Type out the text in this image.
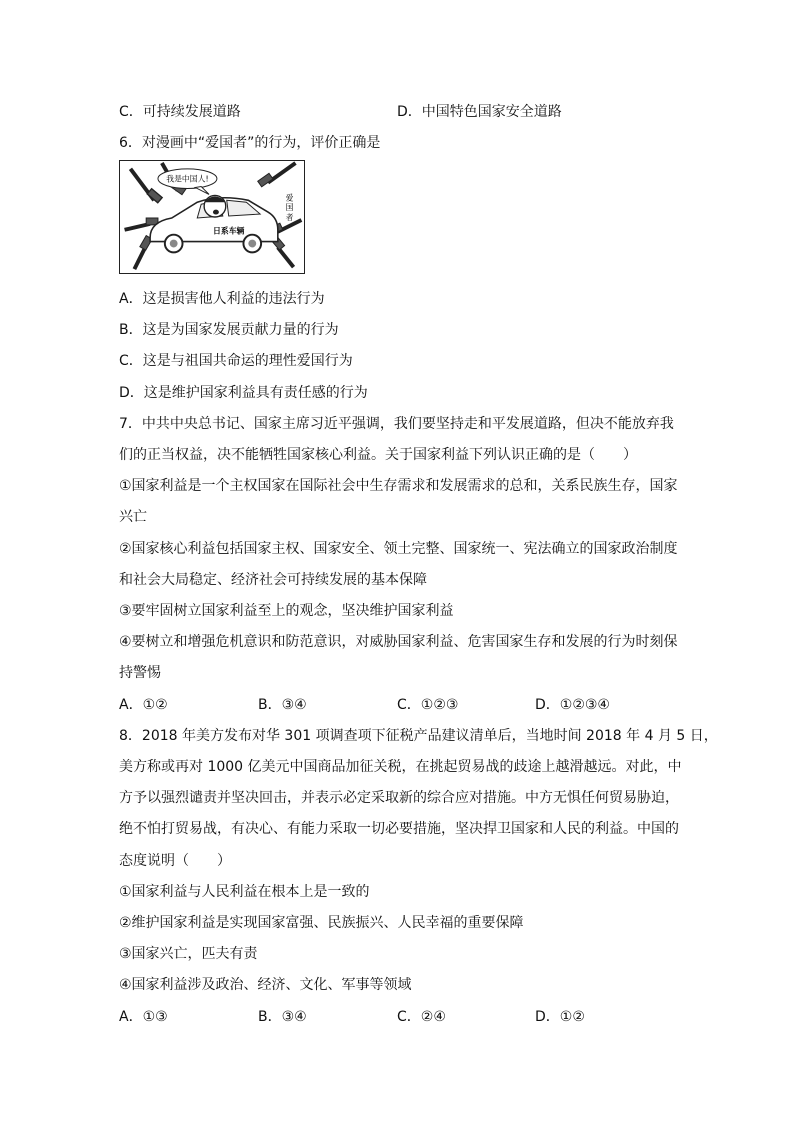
C．可持续发展道路	D．中国特色国家安全道路
6．对漫画中“爱国者”的行为，评价正确是
我是中国人!
日系车辆
爱
国
者
A．这是损害他人利益的违法行为
B．这是为国家发展贡献力量的行为
C．这是与祖国共命运的理性爱国行为
D．这是维护国家利益具有责任感的行为
7．中共中央总书记、国家主席习近平强调，我们要坚持走和平发展道路，但决不能放弃我
们的正当权益，决不能牺牲国家核心利益。关于国家利益下列认识正确的是（　　）
①国家利益是一个主权国家在国际社会中生存需求和发展需求的总和，关系民族生存，国家
兴亡
②国家核心利益包括国家主权、国家安全、领土完整、国家统一、宪法确立的国家政治制度
和社会大局稳定、经济社会可持续发展的基本保障
③要牢固树立国家利益至上的观念，坚决维护国家利益
④要树立和增强危机意识和防范意识，对威胁国家利益、危害国家生存和发展的行为时刻保
持警惕
A．①②	B．③④	C．①②③	D．①②③④
8．2018 年美方发布对华 301 项调查项下征税产品建议清单后，当地时间 2018 年 4 月 5 日，
美方称或再对 1000 亿美元中国商品加征关税，在挑起贸易战的歧途上越滑越远。对此，中
方予以强烈谴责并坚决回击，并表示必定采取新的综合应对措施。中方无惧任何贸易胁迫，
绝不怕打贸易战，有决心、有能力采取一切必要措施，坚决捍卫国家和人民的利益。中国的
态度说明（　　）
①国家利益与人民利益在根本上是一致的
②维护国家利益是实现国家富强、民族振兴、人民幸福的重要保障
③国家兴亡，匹夫有责
④国家利益涉及政治、经济、文化、军事等领域
A．①③	B．③④	C．②④	D．①②
